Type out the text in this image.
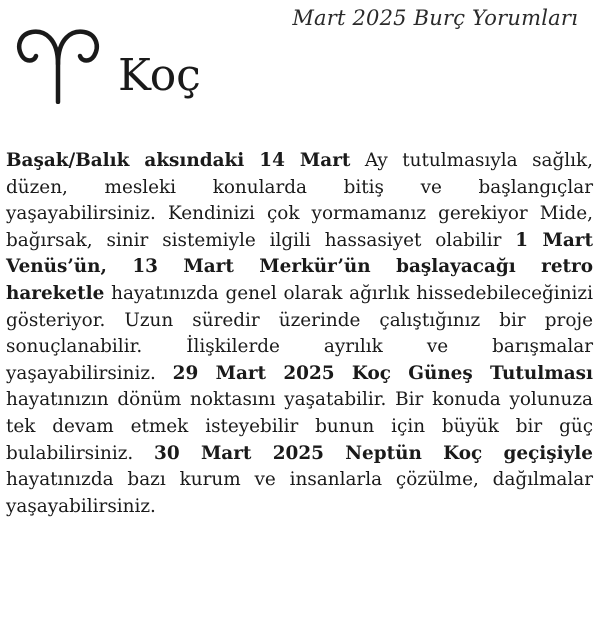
Mart 2025 Burç Yorumları
Koç
Başak/Balık aksındaki 14 Mart Ay tutulmasıyla sağlık, düzen, mesleki konularda bitiş ve başlangıçlar yaşayabilirsiniz. Kendinizi çok yormamanız gerekiyor Mide, bağırsak, sinir sistemiyle ilgili hassasiyet olabilir 1 Mart Venüs’ün, 13 Mart Merkür’ün başlayacağı retro hareketle hayatınızda genel olarak ağırlık hissedebileceğinizi gösteriyor. Uzun süredir üzerinde çalıştığınız bir proje sonuçlanabilir. İlişkilerde ayrılık ve barışmalar yaşayabilirsiniz. 29 Mart 2025 Koç Güneş Tutulması hayatınızın dönüm noktasını yaşatabilir. Bir konuda yolunuza tek devam etmek isteyebilir bunun için büyük bir güç bulabilirsiniz. 30 Mart 2025 Neptün Koç geçişiyle hayatınızda bazı kurum ve insanlarla çözülme, dağılmalar yaşayabilirsiniz.
